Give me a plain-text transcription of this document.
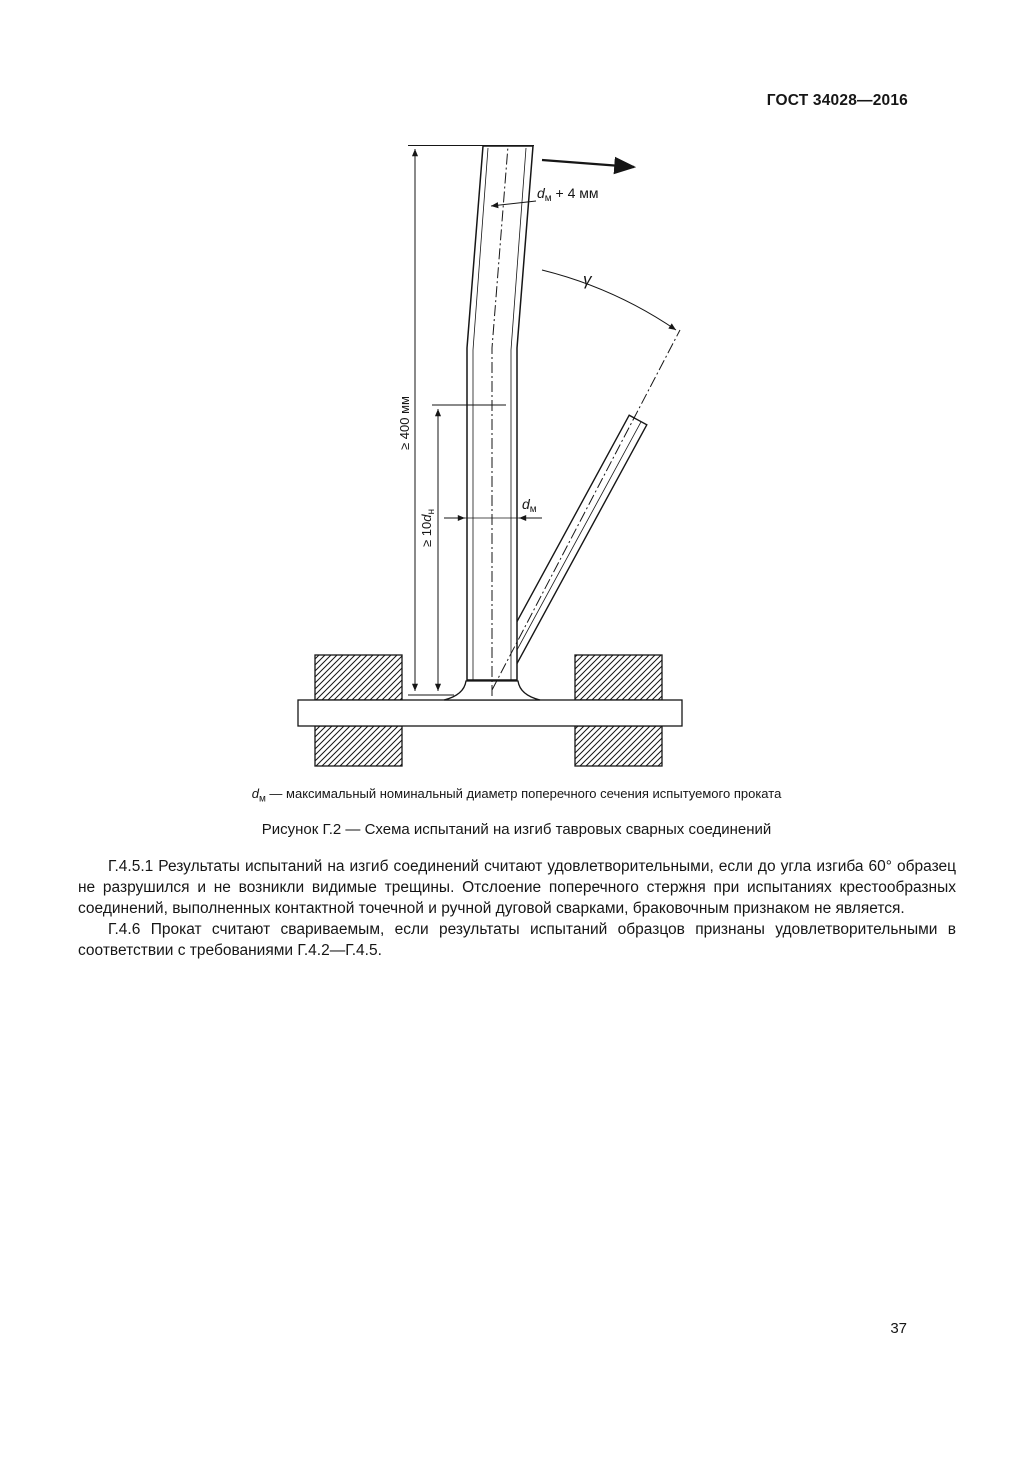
ГОСТ 34028—2016
$d_м + 4$ мм
γ
≥ 400 мм
≥ $10d_н$	$d_м$
$d_м$ — максимальный номинальный диаметр поперечного сечения испытуемого проката
Рисунок Г.2 — Схема испытаний на изгиб тавровых сварных соединений

Г.4.5.1 Результаты испытаний на изгиб соединений считают удовлетворительными, если до угла изгиба 60° образец не разрушился и не возникли видимые трещины. Отслоение поперечного стержня при испытаниях крестообразных соединений, выполненных контактной точечной и ручной дуговой сварками, браковочным признаком не является.

Г.4.6 Прокат считают свариваемым, если результаты испытаний образцов признаны удовлетворительными в соответствии с требованиями Г.4.2—Г.4.5.

37
